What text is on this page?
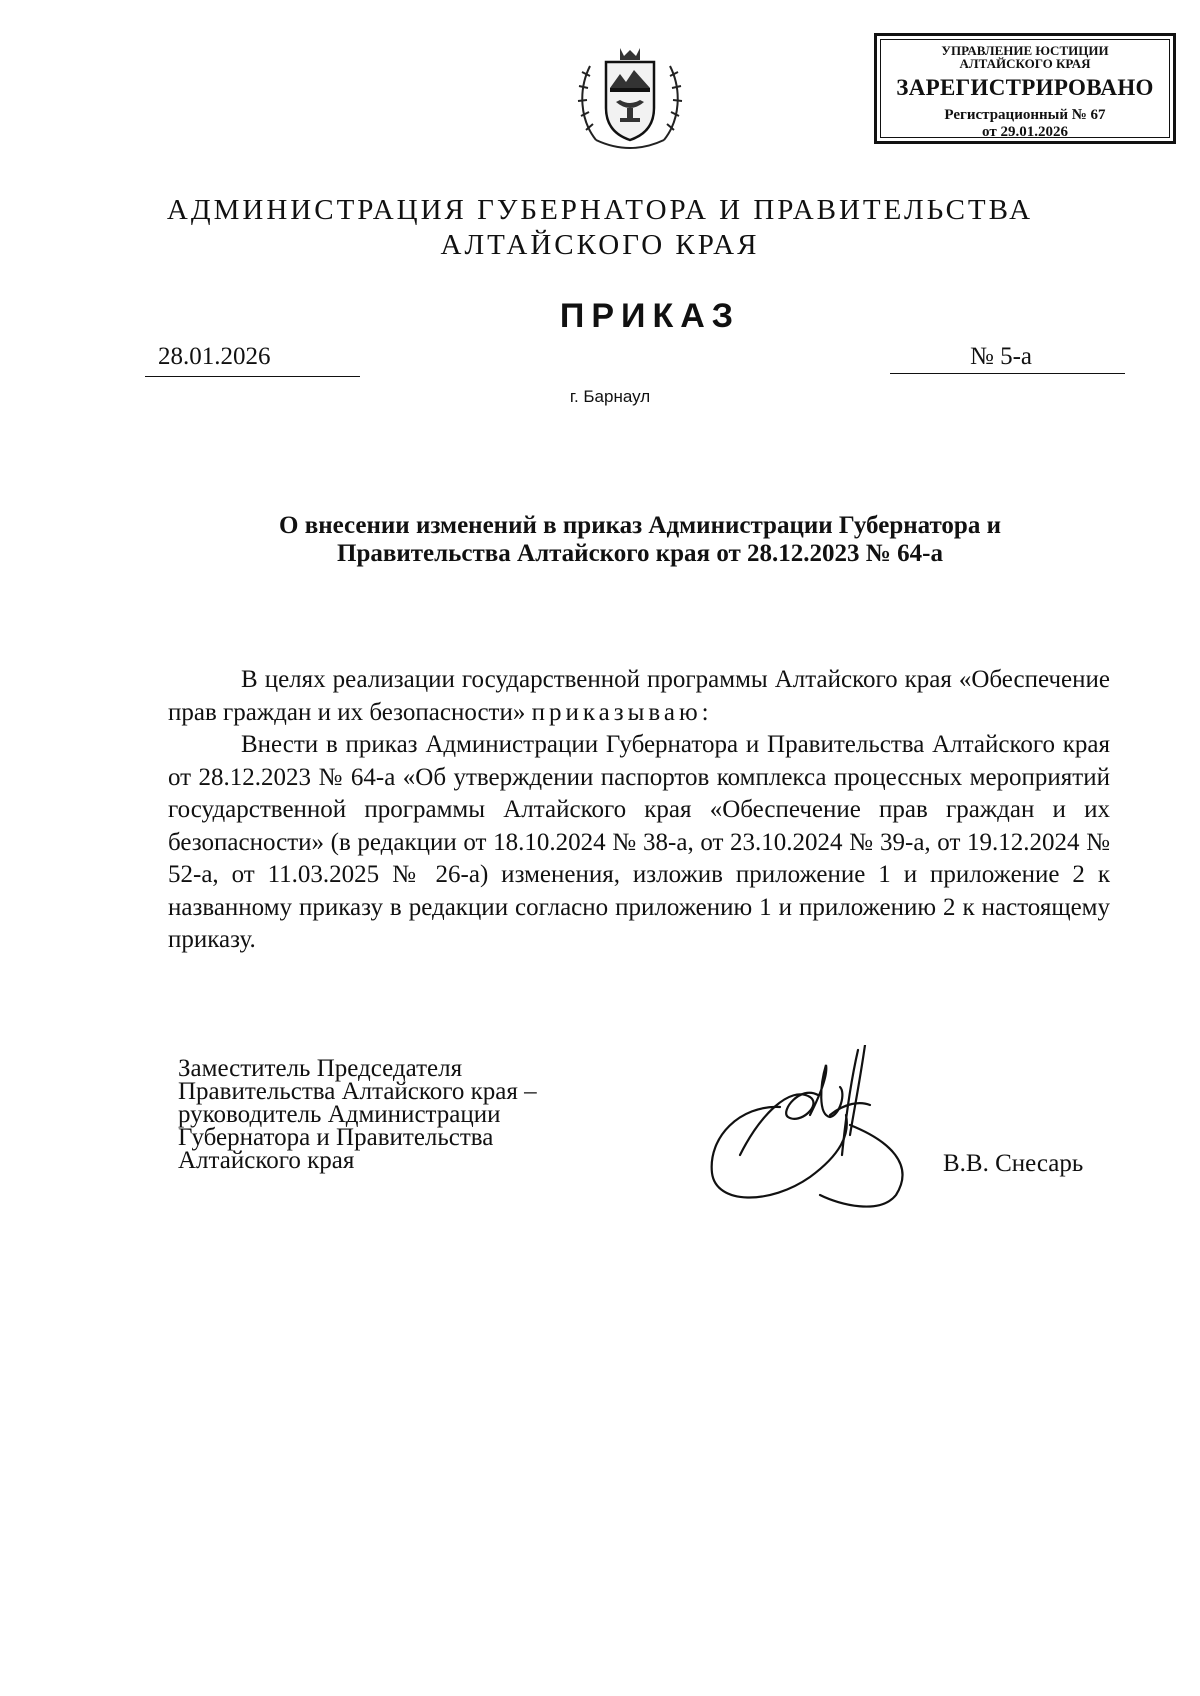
УПРАВЛЕНИЕ ЮСТИЦИИ
АЛТАЙСКОГО КРАЯ
ЗАРЕГИСТРИРОВАНО
Регистрационный № 67
от 29.01.2026
АДМИНИСТРАЦИЯ ГУБЕРНАТОРА И ПРАВИТЕЛЬСТВА
АЛТАЙСКОГО КРАЯ
ПРИКАЗ
28.01.2026	№ 5-а
г. Барнаул
О внесении изменений в приказ Администрации Губернатора и
Правительства Алтайского края от 28.12.2023 № 64-а

В целях реализации государственной программы Алтайского края «Обеспечение прав граждан и их безопасности» приказываю:

Внести в приказ Администрации Губернатора и Правительства Алтайского края от 28.12.2023 № 64-а «Об утверждении паспортов комплекса процессных мероприятий государственной программы Алтайского края «Обеспечение прав граждан и их безопасности» (в редакции от 18.10.2024 № 38-а, от 23.10.2024 № 39-а, от 19.12.2024 № 52-а, от 11.03.2025 № 26-а) изменения, изложив приложение 1 и приложение 2 к названному приказу в редакции согласно приложению 1 и приложению 2 к настоящему приказу.

Заместитель Председателя
Правительства Алтайского края –
руководитель Администрации
Губернатора и Правительства
Алтайского края	В.В. Снесарь
